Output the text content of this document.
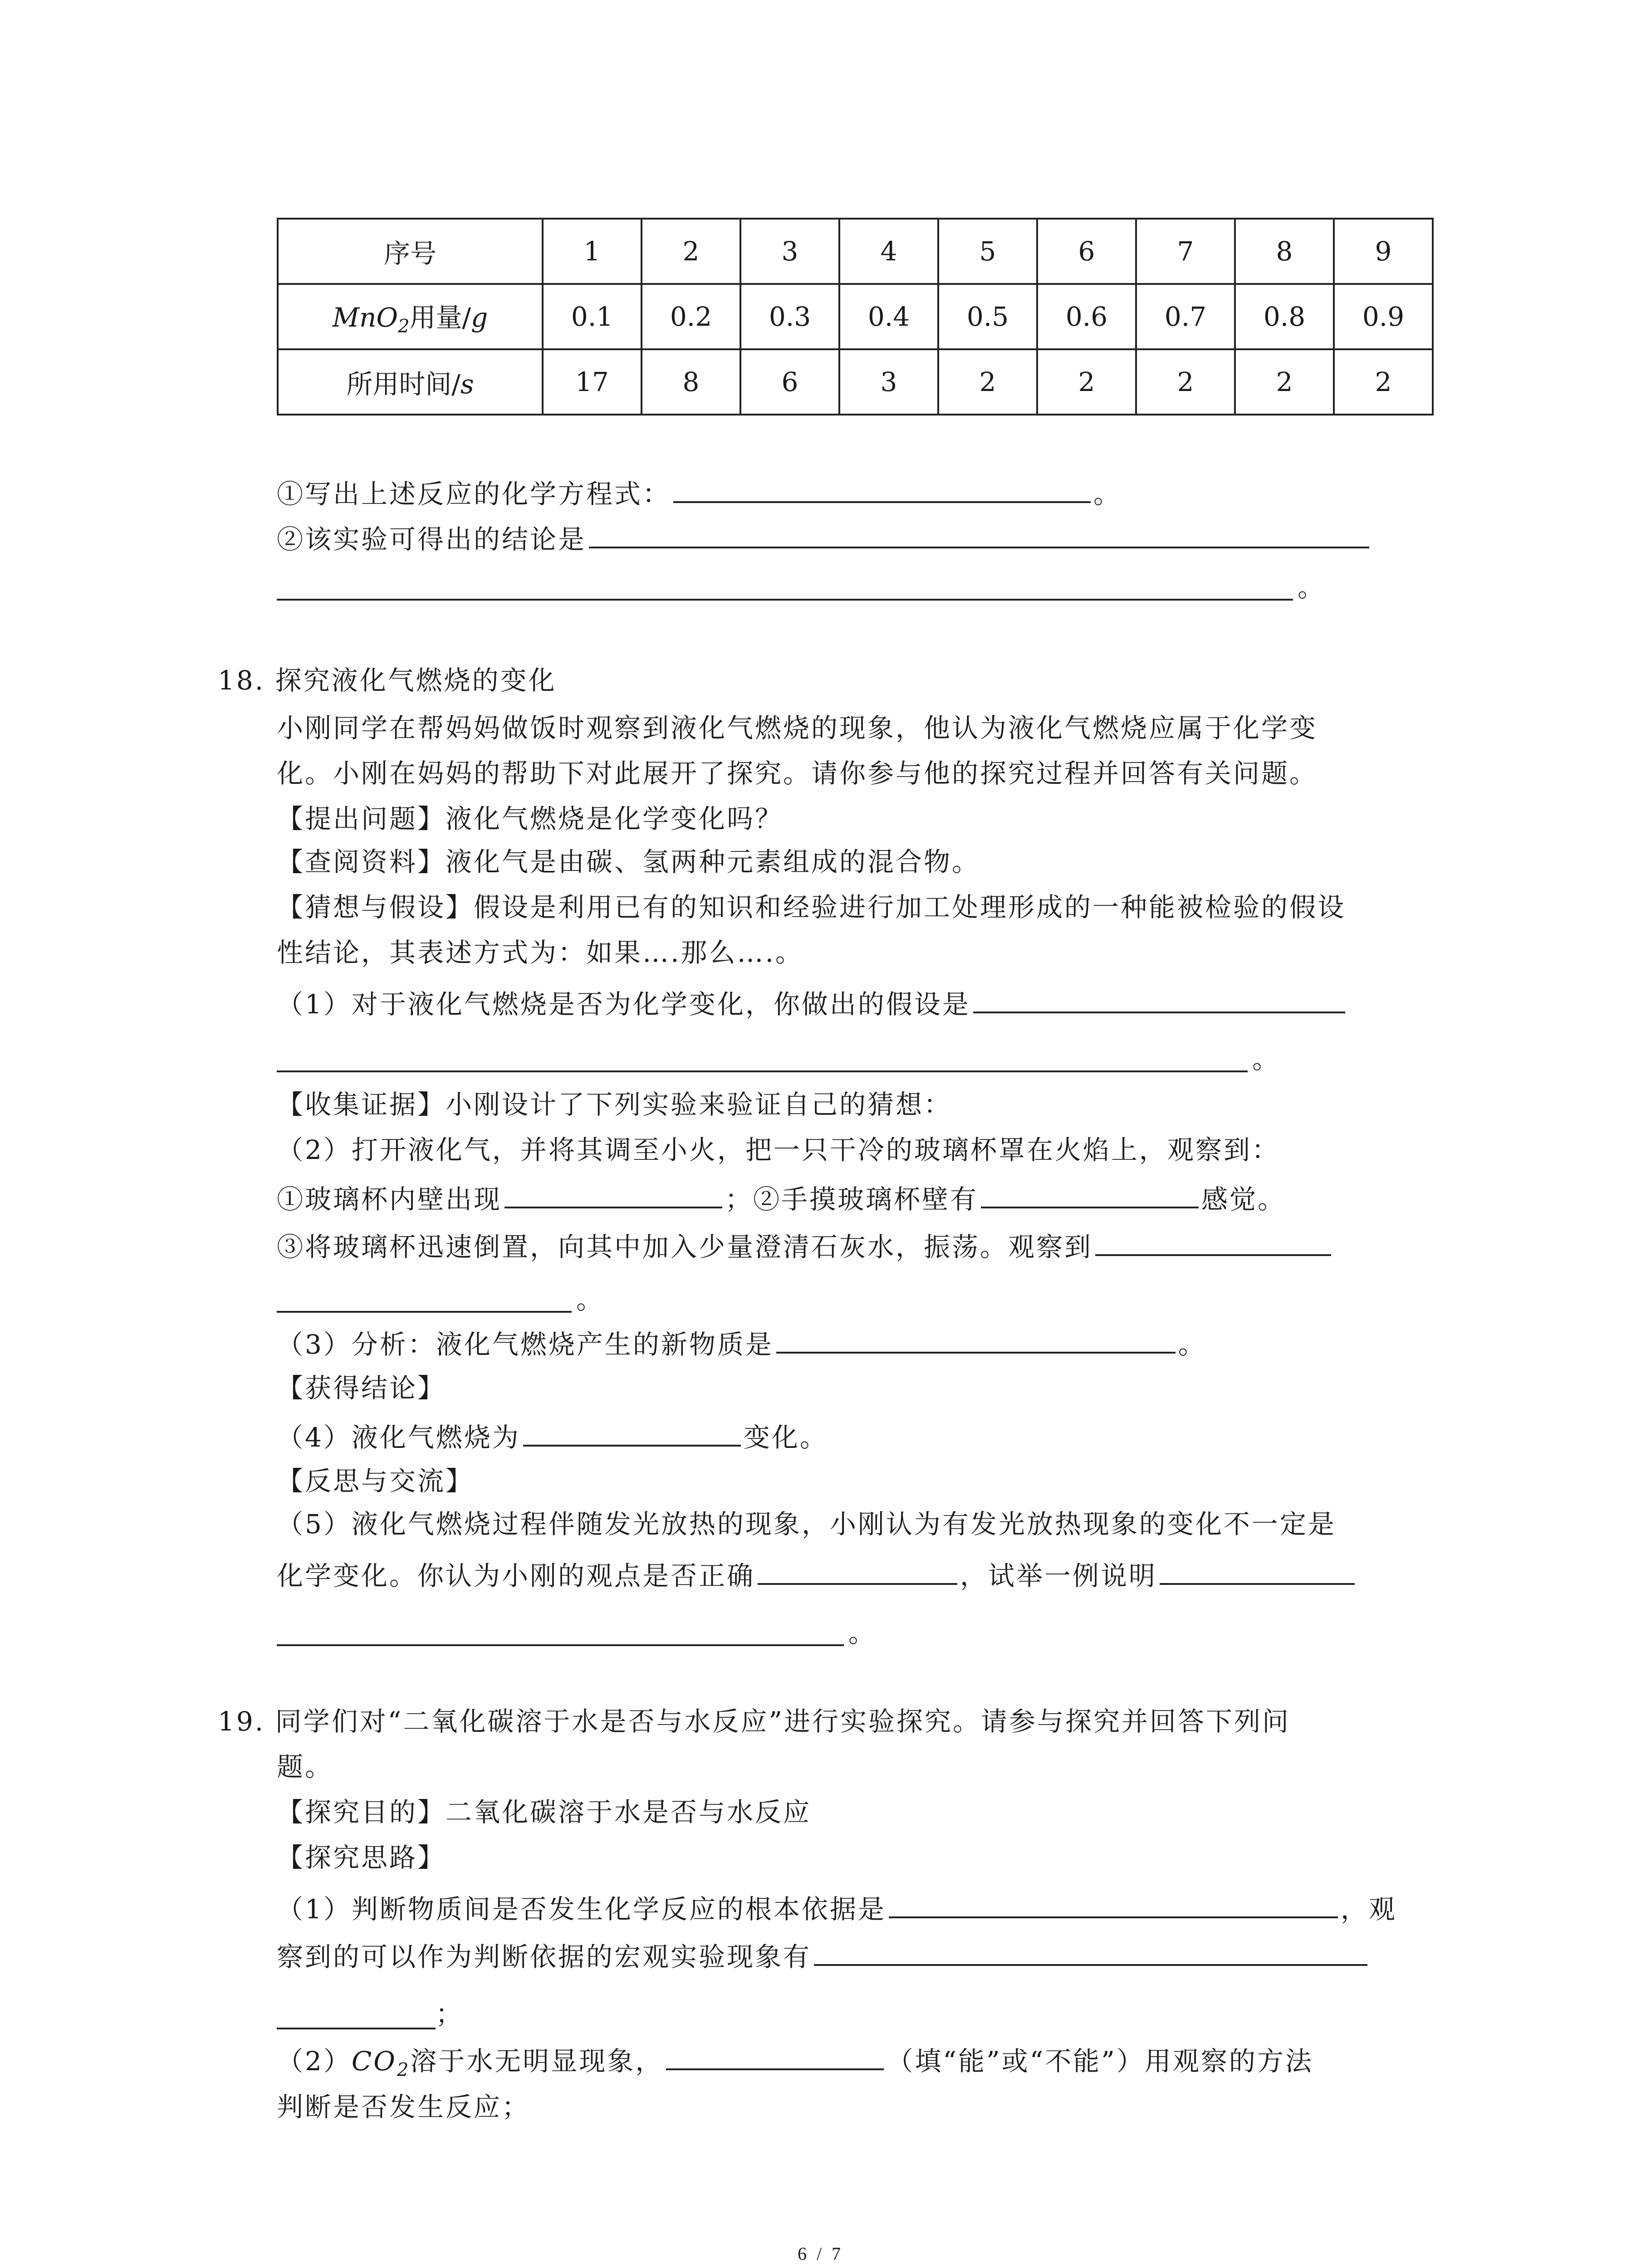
序号	1	2	3	4	5	6	7	8	9
MnO$_2$用量/g	0.1	0.2	0.3	0.4	0.5	0.6	0.7	0.8	0.9
所用时间/s	17	8	6	3	2	2	2	2	2
①写出上述反应的化学方程式：	。
②该实验可得出的结论是
。
18. 探究液化气燃烧的变化
小刚同学在帮妈妈做饭时观察到液化气燃烧的现象，他认为液化气燃烧应属于化学变
化。小刚在妈妈的帮助下对此展开了探究。请你参与他的探究过程并回答有关问题。
【提出问题】液化气燃烧是化学变化吗？
【查阅资料】液化气是由碳、氢两种元素组成的混合物。
【猜想与假设】假设是利用已有的知识和经验进行加工处理形成的一种能被检验的假设
性结论，其表述方式为：如果….那么….。
（1）对于液化气燃烧是否为化学变化，你做出的假设是
。
【收集证据】小刚设计了下列实验来验证自己的猜想：
（2）打开液化气，并将其调至小火，把一只干冷的玻璃杯罩在火焰上，观察到：
①玻璃杯内壁出现	；②手摸玻璃杯壁有	感觉。
③将玻璃杯迅速倒置，向其中加入少量澄清石灰水，振荡。观察到
。
（3）分析：液化气燃烧产生的新物质是	。
【获得结论】
（4）液化气燃烧为	变化。
【反思与交流】
（5）液化气燃烧过程伴随发光放热的现象，小刚认为有发光放热现象的变化不一定是
化学变化。你认为小刚的观点是否正确	，试举一例说明
。
19. 同学们对“二氧化碳溶于水是否与水反应”进行实验探究。请参与探究并回答下列问
题。
【探究目的】二氧化碳溶于水是否与水反应
【探究思路】
（1）判断物质间是否发生化学反应的根本依据是	，观
察到的可以作为判断依据的宏观实验现象有
；
$(2)CO_2$溶于水无明显现象，	（填“能”或“不能”）用观察的方法
判断是否发生反应；
6 / 7
